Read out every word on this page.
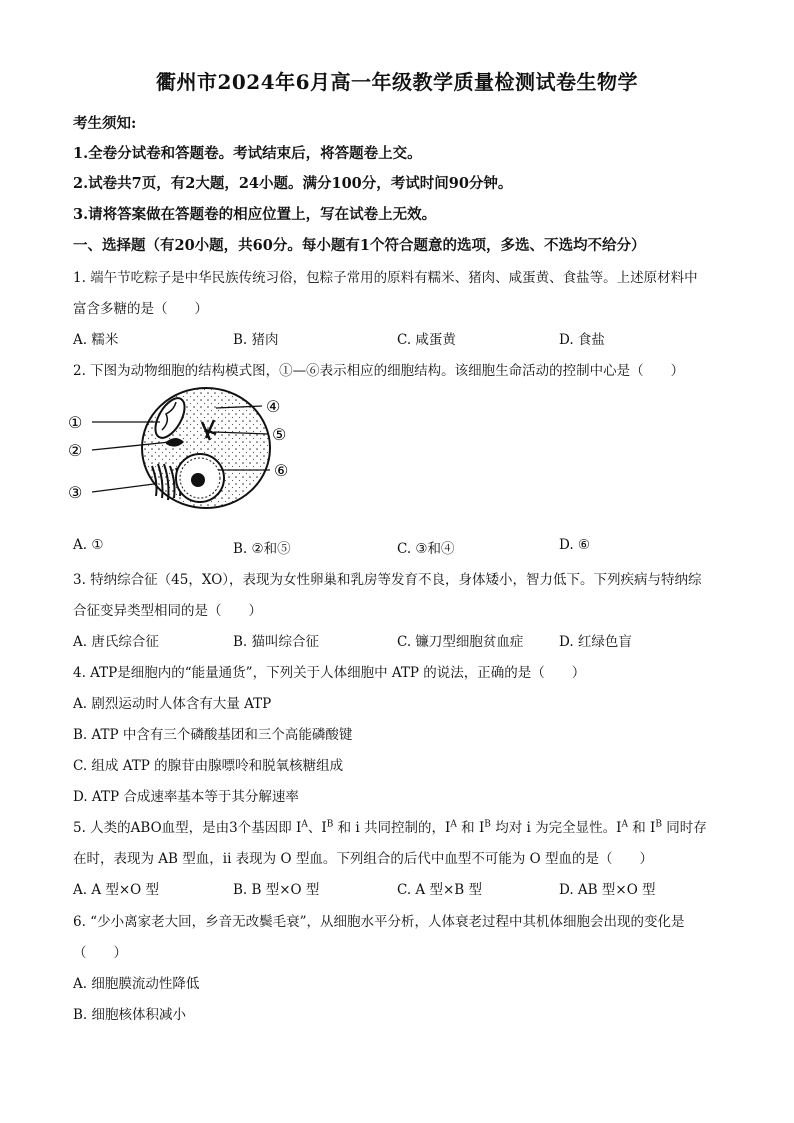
衢州市2024年6月高一年级教学质量检测试卷生物学
考生须知:
1.全卷分试卷和答题卷。考试结束后，将答题卷上交。
2.试卷共7页，有2大题，24小题。满分100分，考试时间90分钟。
3.请将答案做在答题卷的相应位置上，写在试卷上无效。
一、选择题（有20小题，共60分。每小题有1个符合题意的选项，多选、不选均不给分）
1. 端午节吃粽子是中华民族传统习俗，包粽子常用的原料有糯米、猪肉、咸蛋黄、食盐等。上述原材料中
富含多糖的是（　　）
A. 糯米	B. 猪肉	C. 咸蛋黄	D. 食盐
2. 下图为动物细胞的结构模式图，①—⑥表示相应的细胞结构。该细胞生命活动的控制中心是（　　）
①
②
③
④
⑤
⑥
A. ①	B. ②和⑤	C. ③和④	D. ⑥
3. 特纳综合征（45，XO），表现为女性卵巢和乳房等发育不良，身体矮小，智力低下。下列疾病与特纳综
合征变异类型相同的是（　　）
A. 唐氏综合征	B. 猫叫综合征	C. 镰刀型细胞贫血症	D. 红绿色盲
4. ATP是细胞内的“能量通货”，下列关于人体细胞中 ATP 的说法，正确的是（　　）
A. 剧烈运动时人体含有大量 ATP
B. ATP 中含有三个磷酸基团和三个高能磷酸键
C. 组成 ATP 的腺苷由腺嘌呤和脱氧核糖组成
D. ATP 合成速率基本等于其分解速率
5. 人类的ABO血型，是由3个基因即 $I^A$、$I^B$ 和 i 共同控制的，$I^A$ 和 $I^B$ 均对 i 为完全显性。$I^A$ 和 $I^B$ 同时存
在时，表现为 AB 型血，ii 表现为 O 型血。下列组合的后代中血型不可能为 O 型血的是（　　）
A. A 型×O 型	B. B 型×O 型	C. A 型×B 型	D. AB 型×O 型
6. “少小离家老大回，乡音无改鬓毛衰”，从细胞水平分析，人体衰老过程中其机体细胞会出现的变化是
（　　）
A. 细胞膜流动性降低
B. 细胞核体积减小
